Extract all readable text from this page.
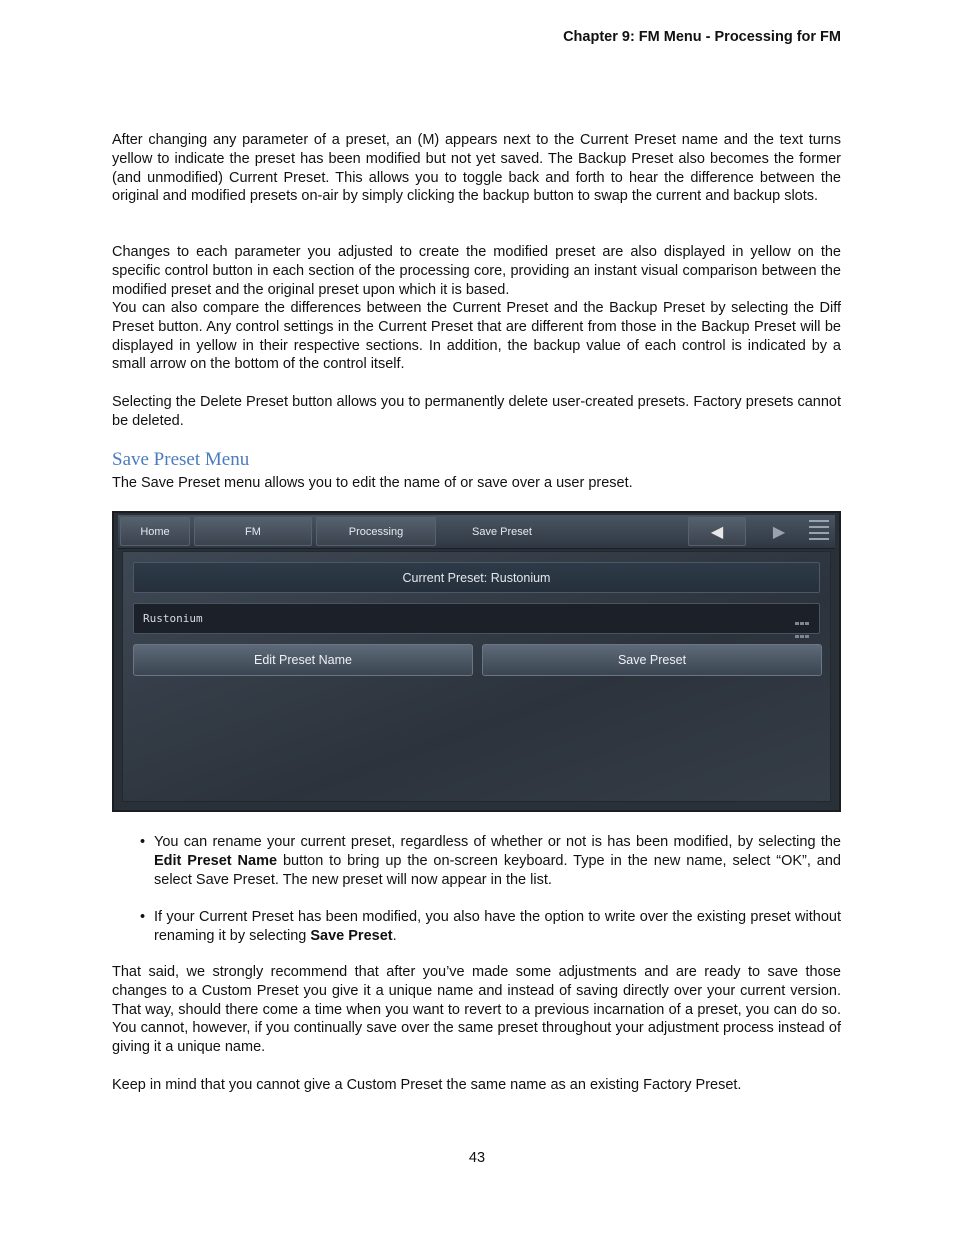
Chapter 9: FM Menu - Processing for FM

After changing any parameter of a preset, an (M) appears next to the Current Preset name and the text turns yellow to indicate the preset has been modified but not yet saved. The Backup Preset also becomes the former (and unmodified) Current Preset. This allows you to toggle back and forth to hear the difference between the original and modified presets on-air by simply clicking the backup button to swap the current and backup slots.

Changes to each parameter you adjusted to create the modified preset are also displayed in yellow on the specific control button in each section of the processing core, providing an instant visual comparison between the modified preset and the original preset upon which it is based.

You can also compare the differences between the Current Preset and the Backup Preset by selecting the Diff Preset button. Any control settings in the Current Preset that are different from those in the Backup Preset will be displayed in yellow in their respective sections. In addition, the backup value of each control is indicated by a small arrow on the bottom of the control itself.

Selecting the Delete Preset button allows you to permanently delete user-created presets. Factory presets cannot be deleted.

Save Preset Menu
The Save Preset menu allows you to edit the name of or save over a user preset.
Home	FM	Processing	Save Preset	◀	▶
Current Preset: Rustonium
Rustonium

Edit Preset Name	Save Preset
• You can rename your current preset, regardless of whether or not is has been modified, by selecting the Edit Preset Name button to bring up the on-screen keyboard. Type in the new name, select “OK”, and select Save Preset. The new preset will now appear in the list.
• If your Current Preset has been modified, you also have the option to write over the existing preset without renaming it by selecting Save Preset.

That said, we strongly recommend that after you’ve made some adjustments and are ready to save those changes to a Custom Preset you give it a unique name and instead of saving directly over your current version. That way, should there come a time when you want to revert to a previous incarnation of a preset, you can do so. You cannot, however, if you continually save over the same preset throughout your adjustment process instead of giving it a unique name.

Keep in mind that you cannot give a Custom Preset the same name as an existing Factory Preset.

43
